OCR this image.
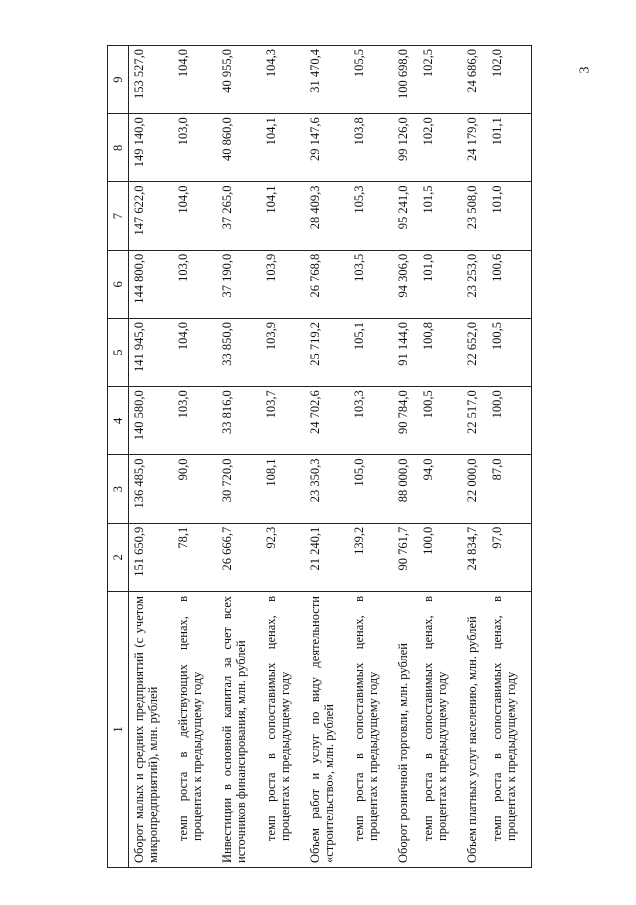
3
1	2	3	4	5	6	7	8	9
Оборот малых и средних предприятий (с учетом микропредприятий), млн. рублей	151 650,9	136 485,0	140 580,0	141 945,0	144 800,0	147 622,0	149 140,0	153 527,0
темп роста в действующих ценах, в процентах к предыдущему году	78,1	90,0	103,0	104,0	103,0	104,0	103,0	104,0
Инвестиции в основной капитал за счет всех источников финансирования, млн. рублей	26 666,7	30 720,0	33 816,0	33 850,0	37 190,0	37 265,0	40 860,0	40 955,0
темп роста в сопоставимых ценах, в процентах к предыдущему году	92,3	108,1	103,7	103,9	103,9	104,1	104,1	104,3
Объем работ и услуг по виду деятельности «строительство», млн. рублей	21 240,1	23 350,3	24 702,6	25 719,2	26 768,8	28 409,3	29 147,6	31 470,4
темп роста в сопоставимых ценах, в процентах к предыдущему году	139,2	105,0	103,3	105,1	103,5	105,3	103,8	105,5
Оборот розничной торговли, млн. рублей	90 761,7	88 000,0	90 784,0	91 144,0	94 306,0	95 241,0	99 126,0	100 698,0
темп роста в сопоставимых ценах, в процентах к предыдущему году	100,0	94,0	100,5	100,8	101,0	101,5	102,0	102,5
Объем платных услуг населению, млн. рублей	24 834,7	22 000,0	22 517,0	22 652,0	23 253,0	23 508,0	24 179,0	24 686,0
темп роста в сопоставимых ценах, в процентах к предыдущему году	97,0	87,0	100,0	100,5	100,6	101,0	101,1	102,0
